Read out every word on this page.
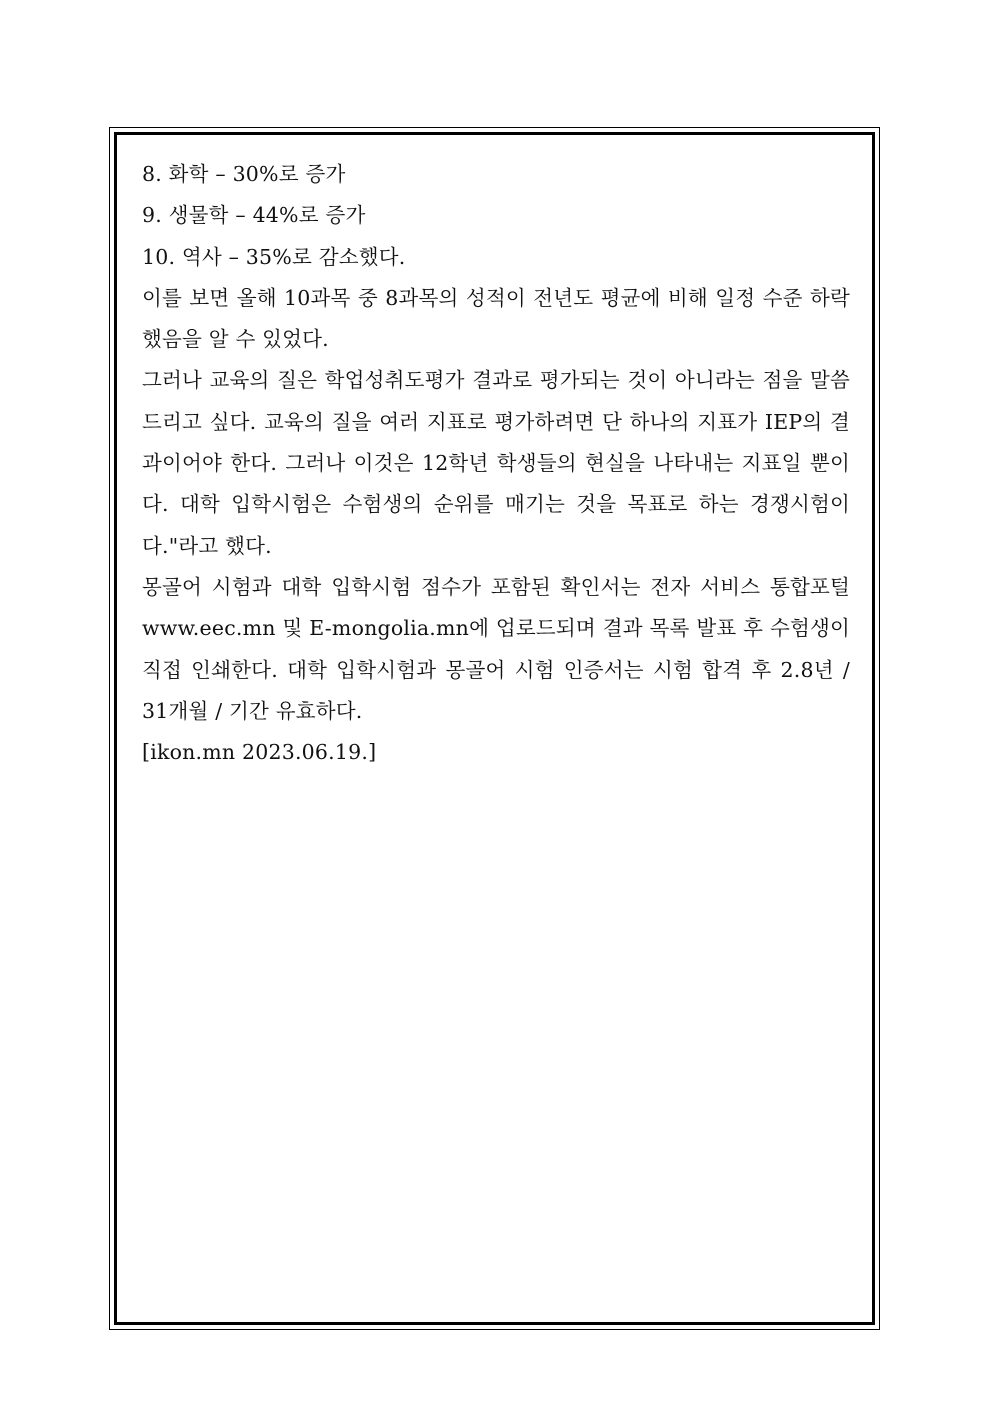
8. 화학 – 30%로 증가
9. 생물학 – 44%로 증가
10. 역사 – 35%로 감소했다.
이를 보면 올해 10과목 중 8과목의 성적이 전년도 평균에 비해 일정 수준 하락했음을 알 수 있었다.
그러나 교육의 질은 학업성취도평가 결과로 평가되는 것이 아니라는 점을 말씀드리고 싶다. 교육의 질을 여러 지표로 평가하려면 단 하나의 지표가 IEP의 결과이어야 한다. 그러나 이것은 12학년 학생들의 현실을 나타내는 지표일 뿐이다. 대학 입학시험은 수험생의 순위를 매기는 것을 목표로 하는 경쟁시험이다."라고 했다.
몽골어 시험과 대학 입학시험 점수가 포함된 확인서는 전자 서비스 통합포털 www.eec.mn 및 E-mongolia.mn에 업로드되며 결과 목록 발표 후 수험생이 직접 인쇄한다. 대학 입학시험과 몽골어 시험 인증서는 시험 합격 후 2.8년 / 31개월 / 기간 유효하다.
[ikon.mn 2023.06.19.]
